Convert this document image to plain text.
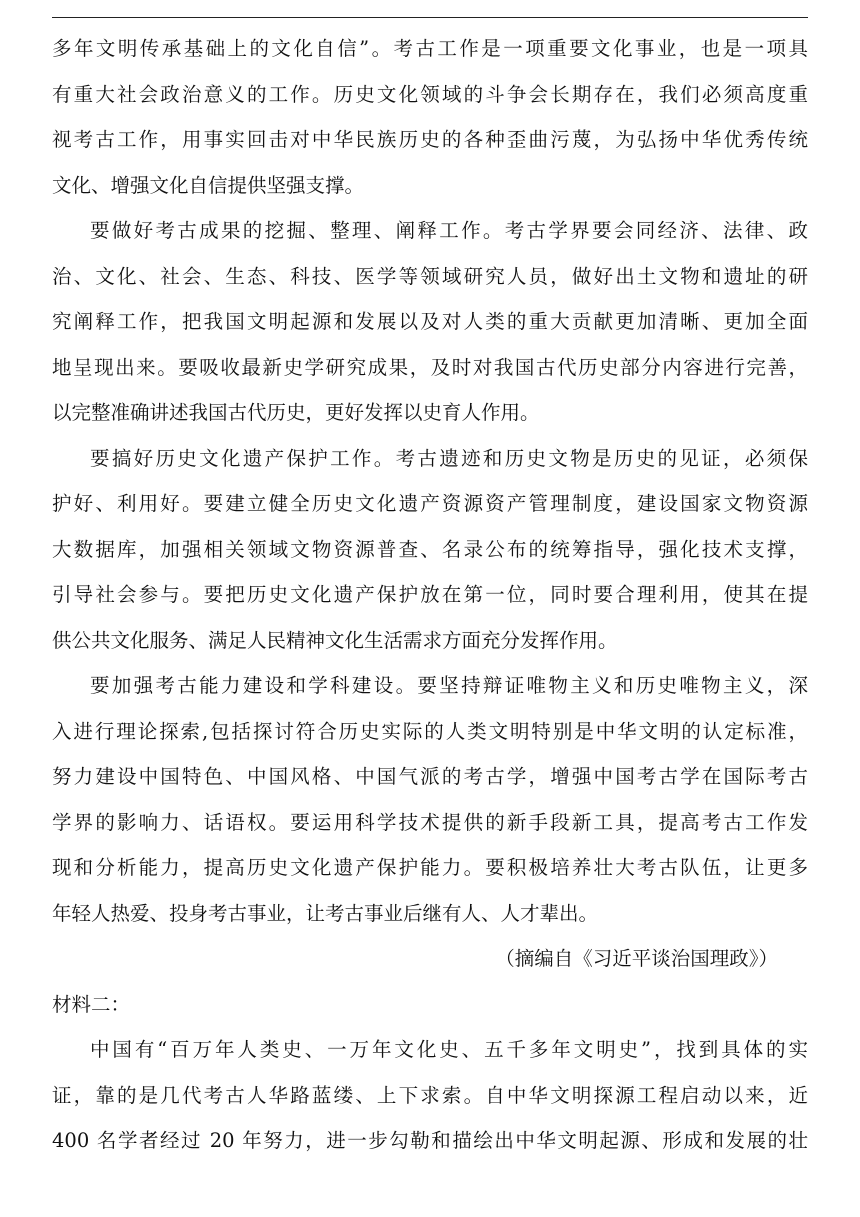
多年文明传承基础上的文化自信”。考古工作是一项重要文化事业，也是一项具
有重大社会政治意义的工作。历史文化领域的斗争会长期存在，我们必须高度重
视考古工作，用事实回击对中华民族历史的各种歪曲污蔑，为弘扬中华优秀传统
文化、增强文化自信提供坚强支撑。
要做好考古成果的挖掘、整理、阐释工作。考古学界要会同经济、法律、政
治、文化、社会、生态、科技、医学等领域研究人员，做好出土文物和遗址的研
究阐释工作，把我国文明起源和发展以及对人类的重大贡献更加清晰、更加全面
地呈现出来。要吸收最新史学研究成果，及时对我国古代历史部分内容进行完善，
以完整准确讲述我国古代历史，更好发挥以史育人作用。
要搞好历史文化遗产保护工作。考古遗迹和历史文物是历史的见证，必须保
护好、利用好。要建立健全历史文化遗产资源资产管理制度，建设国家文物资源
大数据库，加强相关领域文物资源普查、名录公布的统筹指导，强化技术支撑，
引导社会参与。要把历史文化遗产保护放在第一位，同时要合理利用，使其在提
供公共文化服务、满足人民精神文化生活需求方面充分发挥作用。
要加强考古能力建设和学科建设。要坚持辩证唯物主义和历史唯物主义，深
入进行理论探索,包括探讨符合历史实际的人类文明特别是中华文明的认定标准，
努力建设中国特色、中国风格、中国气派的考古学，增强中国考古学在国际考古
学界的影响力、话语权。要运用科学技术提供的新手段新工具，提高考古工作发
现和分析能力，提高历史文化遗产保护能力。要积极培养壮大考古队伍，让更多
年轻人热爱、投身考古事业，让考古事业后继有人、人才辈出。
（摘编自《习近平谈治国理政》）
材料二：
中国有“百万年人类史、一万年文化史、五千多年文明史”，找到具体的实
证，靠的是几代考古人华路蓝缕、上下求索。自中华文明探源工程启动以来，近
400 名学者经过 20 年努力，进一步勾勒和描绘出中华文明起源、形成和发展的壮
